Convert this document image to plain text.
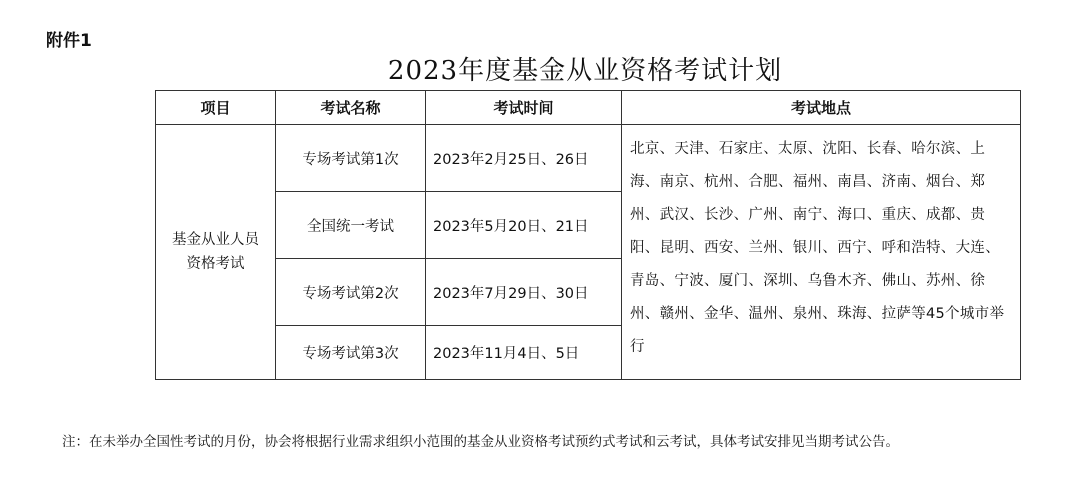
附件1
2023年度基金从业资格考试计划
项目	考试名称	考试时间	考试地点
基金从业人员资格考试	专场考试第1次	2023年2月25日、26日	北京、天津、石家庄、太原、沈阳、长春、哈尔滨、上海、南京、杭州、合肥、福州、南昌、济南、烟台、郑州、武汉、长沙、广州、南宁、海口、重庆、成都、贵阳、昆明、西安、兰州、银川、西宁、呼和浩特、大连、青岛、宁波、厦门、深圳、乌鲁木齐、佛山、苏州、徐州、赣州、金华、温州、泉州、珠海、拉萨等45个城市举行
	全国统一考试	2023年5月20日、21日	
	专场考试第2次	2023年7月29日、30日	
	专场考试第3次	2023年11月4日、5日	
注：在未举办全国性考试的月份，协会将根据行业需求组织小范围的基金从业资格考试预约式考试和云考试，具体考试安排见当期考试公告。
